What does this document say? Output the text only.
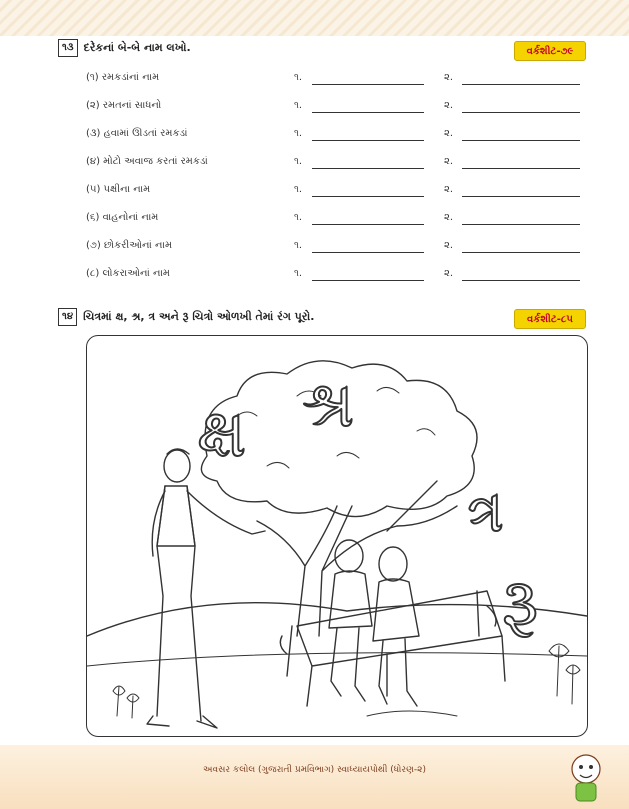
૧૩ દરેકનાં બે-બે નામ લખો.	વર્કશીટ-૭૯
(૧) રમકડાંનાં નામ	૧.	૨.
(૨) રમતનાં સાધનો	૧.	૨.
(૩) હવામાં ઊડતાં રમકડાં	૧.	૨.
(૪) મોટો અવાજ કરતાં રમકડાં	૧.	૨.
(૫) પક્ષીના નામ	૧.	૨.
(૬) વાહનોનાં નામ	૧.	૨.
(૭) છોકરીઓનાં નામ	૧.	૨.
(૮) લોકરાઓનાં નામ	૧.	૨.
૧૪ ચિત્રમાં ક્ષ, શ્ર, ત્ર અને રૂ ચિત્રો ઓળખી તેમાં રંગ પૂરો.	વર્કશીટ-૮૫
ક્ષ શ્ર
ત્ર
રૂ
અવસર કલોલ (ગુજરાતી પ્રમવિભાગ) સ્વાધ્યાયપોથી (ધોરણ-૨)
